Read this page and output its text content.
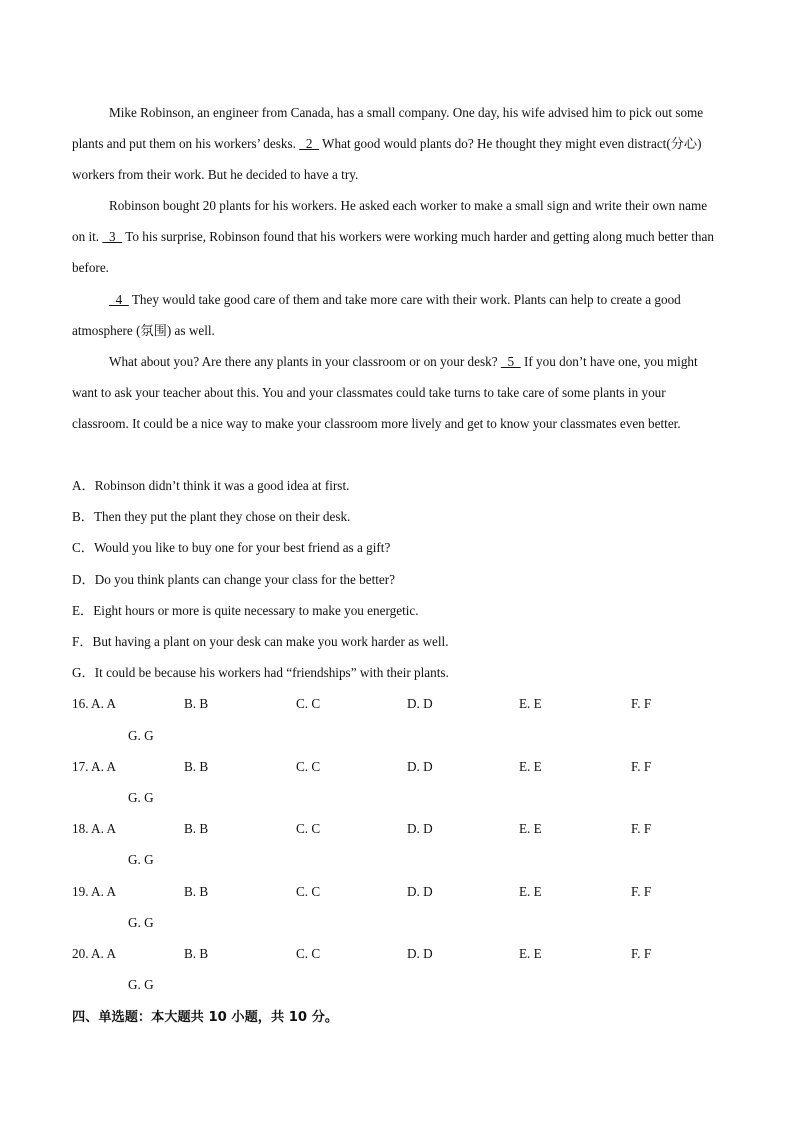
Mike Robinson, an engineer from Canada, has a small company. One day, his wife advised him to pick out some plants and put them on his workers’ desks.   2   What good would plants do? He thought they might even distract(分心) workers from their work. But he decided to have a try.
Robinson bought 20 plants for his workers. He asked each worker to make a small sign and write their own name on it.   3   To his surprise, Robinson found that his workers were working much harder and getting along much better than before.
4   They would take good care of them and take more care with their work. Plants can help to create a good atmosphere (氛围) as well.
What about you? Are there any plants in your classroom or on your desk?   5   If you don’t have one, you might want to ask your teacher about this. You and your classmates could take turns to take care of some plants in your classroom. It could be a nice way to make your classroom more lively and get to know your classmates even better.
A．Robinson didn’t think it was a good idea at first.
B．Then they put the plant they chose on their desk.
C．Would you like to buy one for your best friend as a gift?
D．Do you think plants can change your class for the better?
E．Eight hours or more is quite necessary to make you energetic.
F．But having a plant on your desk can make you work harder as well.
G．It could be because his workers had “friendships” with their plants.
16. A. A	B. B	C. C	D. D	E. E	F. F
G. G
17. A. A	B. B	C. C	D. D	E. E	F. F
G. G
18. A. A	B. B	C. C	D. D	E. E	F. F
G. G
19. A. A	B. B	C. C	D. D	E. E	F. F
G. G
20. A. A	B. B	C. C	D. D	E. E	F. F
G. G
四、单选题：本大题共 10 小题，共 10 分。
